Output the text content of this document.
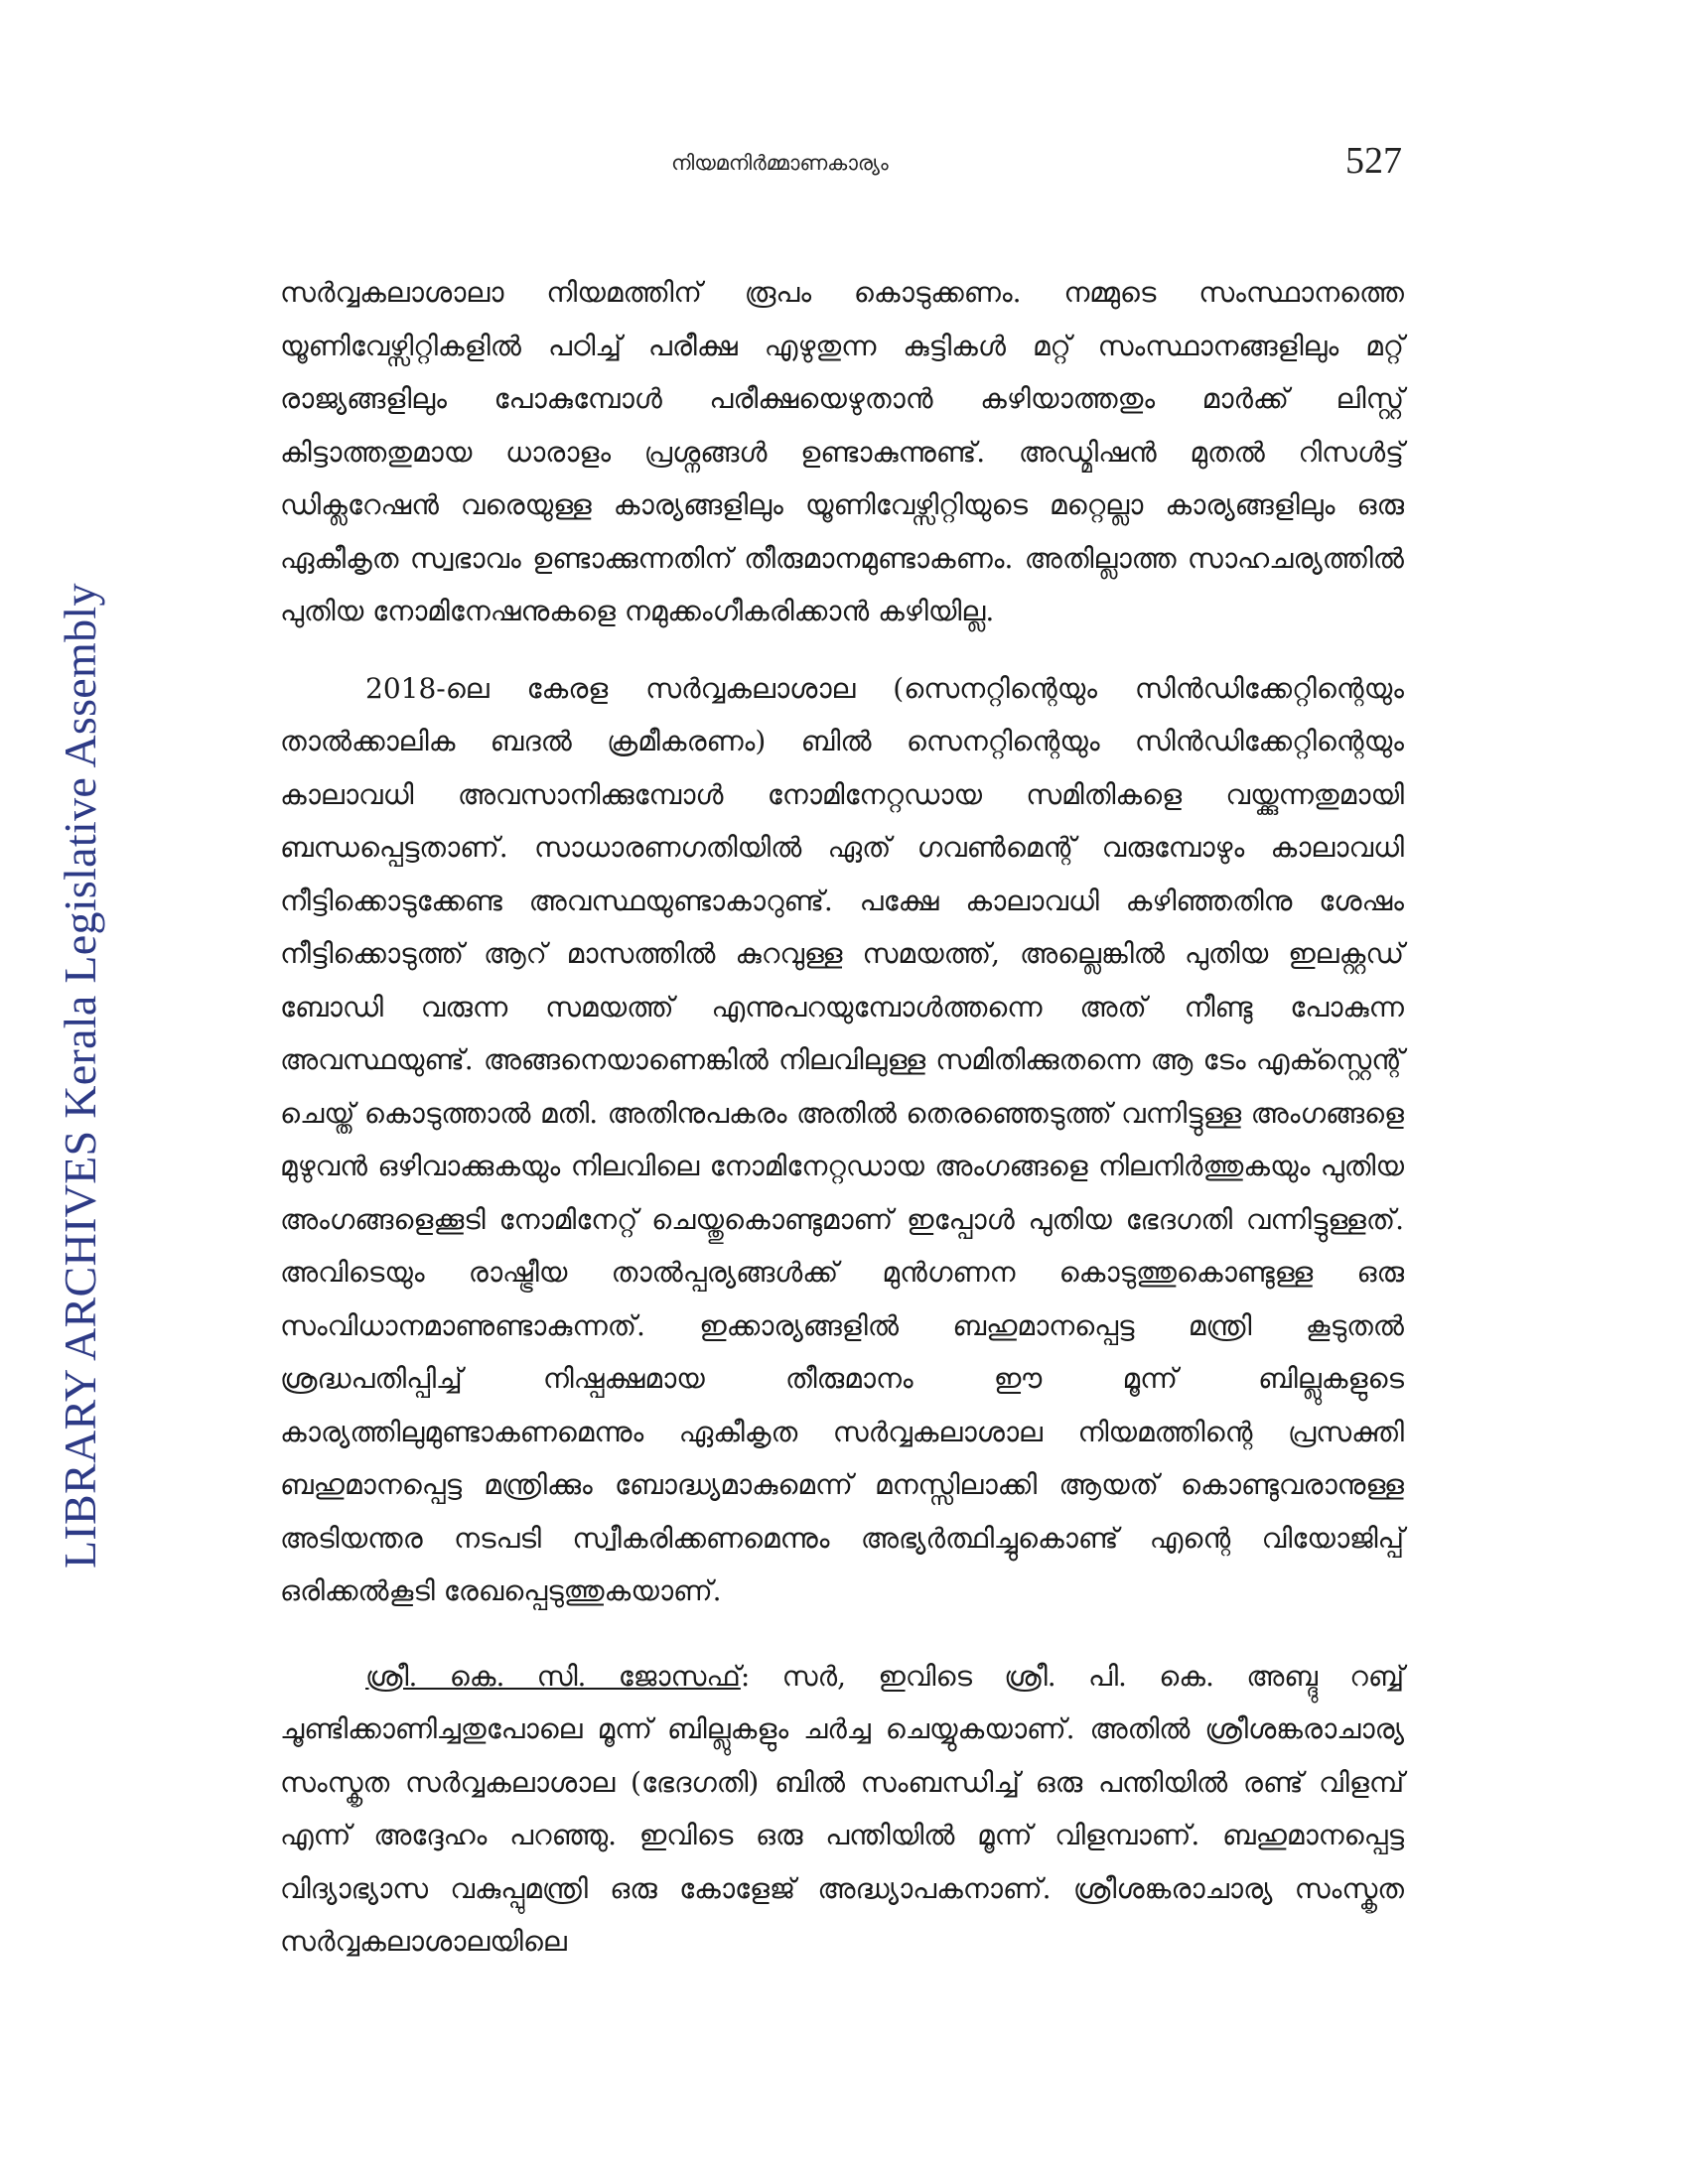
നിയമനിർമ്മാണകാര്യം	527
LIBRARY ARCHIVES Kerala Legislative Assembly

സർവ്വകലാശാലാ നിയമത്തിന് രൂപം കൊടുക്കണം. നമ്മുടെ സംസ്ഥാനത്തെ യൂണിവേഴ്സിറ്റികളിൽ പഠിച്ച് പരീക്ഷ എഴുതുന്ന കുട്ടികൾ മറ്റ് സംസ്ഥാനങ്ങളിലും മറ്റ് രാജ്യങ്ങളിലും പോകുമ്പോൾ പരീക്ഷയെഴുതാൻ കഴിയാത്തതും മാർക്ക് ലിസ്റ്റ് കിട്ടാത്തതുമായ ധാരാളം പ്രശ്നങ്ങൾ ഉണ്ടാകുന്നുണ്ട്. അഡ്മിഷൻ മുതൽ റിസൾട്ട് ഡിക്ലറേഷൻ വരെയുള്ള കാര്യങ്ങളിലും യൂണിവേഴ്സിറ്റിയുടെ മറ്റെല്ലാ കാര്യങ്ങളിലും ഒരു ഏകീകൃത സ്വഭാവം ഉണ്ടാക്കുന്നതിന് തീരുമാനമുണ്ടാകണം. അതില്ലാത്ത സാഹചര്യത്തിൽ പുതിയ നോമിനേഷനുകളെ നമുക്കംഗീകരിക്കാൻ കഴിയില്ല.

2018-ലെ കേരള സർവ്വകലാശാല (സെനറ്റിന്റെയും സിൻഡിക്കേറ്റിന്റെയും താൽക്കാലിക ബദൽ ക്രമീകരണം) ബിൽ സെനറ്റിന്റെയും സിൻഡിക്കേറ്റിന്റെയും കാലാവധി അവസാനിക്കുമ്പോൾ നോമിനേറ്റഡായ സമിതികളെ വയ്ക്കുന്നതുമായി ബന്ധപ്പെട്ടതാണ്. സാധാരണഗതിയിൽ ഏത് ഗവൺമെന്റ് വരുമ്പോഴും കാലാവധി നീട്ടിക്കൊടുക്കേണ്ട അവസ്ഥയുണ്ടാകാറുണ്ട്. പക്ഷേ കാലാവധി കഴിഞ്ഞതിനു ശേഷം നീട്ടിക്കൊടുത്ത് ആറ് മാസത്തിൽ കുറവുള്ള സമയത്ത്, അല്ലെങ്കിൽ പുതിയ ഇലക്റ്റഡ് ബോഡി വരുന്ന സമയത്ത് എന്നുപറയുമ്പോൾത്തന്നെ അത് നീണ്ടു പോകുന്ന അവസ്ഥയുണ്ട്. അങ്ങനെയാണെങ്കിൽ നിലവിലുള്ള സമിതിക്കുതന്നെ ആ ടേം എക്സ്റ്റെന്റ് ചെയ്ത് കൊടുത്താൽ മതി. അതിനുപകരം അതിൽ തെരഞ്ഞെടുത്ത് വന്നിട്ടുള്ള അംഗങ്ങളെ മുഴുവൻ ഒഴിവാക്കുകയും നിലവിലെ നോമിനേറ്റഡായ അംഗങ്ങളെ നിലനിർത്തുകയും പുതിയ അംഗങ്ങളെക്കൂടി നോമിനേറ്റ് ചെയ്തുകൊണ്ടുമാണ് ഇപ്പോൾ പുതിയ ഭേദഗതി വന്നിട്ടുള്ളത്. അവിടെയും രാഷ്ട്രീയ താൽപ്പര്യങ്ങൾക്ക് മുൻഗണന കൊടുത്തുകൊണ്ടുള്ള ഒരു സംവിധാനമാണുണ്ടാകുന്നത്. ഇക്കാര്യങ്ങളിൽ ബഹുമാനപ്പെട്ട മന്ത്രി കൂടുതൽ ശ്രദ്ധപതിപ്പിച്ച് നിഷ്പക്ഷമായ തീരുമാനം ഈ മൂന്ന് ബില്ലുകളുടെ കാര്യത്തിലുമുണ്ടാകണമെന്നും ഏകീകൃത സർവ്വകലാശാല നിയമത്തിന്റെ പ്രസക്തി ബഹുമാനപ്പെട്ട മന്ത്രിക്കും ബോദ്ധ്യമാകുമെന്ന് മനസ്സിലാക്കി ആയത് കൊണ്ടുവരാനുള്ള അടിയന്തര നടപടി സ്വീകരിക്കണമെന്നും അഭ്യർത്ഥിച്ചുകൊണ്ട് എന്റെ വിയോജിപ്പ് ഒരിക്കൽകൂടി രേഖപ്പെടുത്തുകയാണ്.

ശ്രീ. കെ. സി. ജോസഫ്: സർ, ഇവിടെ ശ്രീ. പി. കെ. അബ്ദു റബ്ബ് ചൂണ്ടിക്കാണിച്ചതുപോലെ മൂന്ന് ബില്ലുകളും ചർച്ച ചെയ്യുകയാണ്. അതിൽ ശ്രീശങ്കരാചാര്യ സംസ്കൃത സർവ്വകലാശാല (ഭേദഗതി) ബിൽ സംബന്ധിച്ച് ഒരു പന്തിയിൽ രണ്ട് വിളമ്പ് എന്ന് അദ്ദേഹം പറഞ്ഞു. ഇവിടെ ഒരു പന്തിയിൽ മൂന്ന് വിളമ്പാണ്. ബഹുമാനപ്പെട്ട വിദ്യാഭ്യാസ വകുപ്പുമന്ത്രി ഒരു കോളേജ് അദ്ധ്യാപകനാണ്. ശ്രീശങ്കരാചാര്യ സംസ്കൃത സർവ്വകലാശാലയിലെ
